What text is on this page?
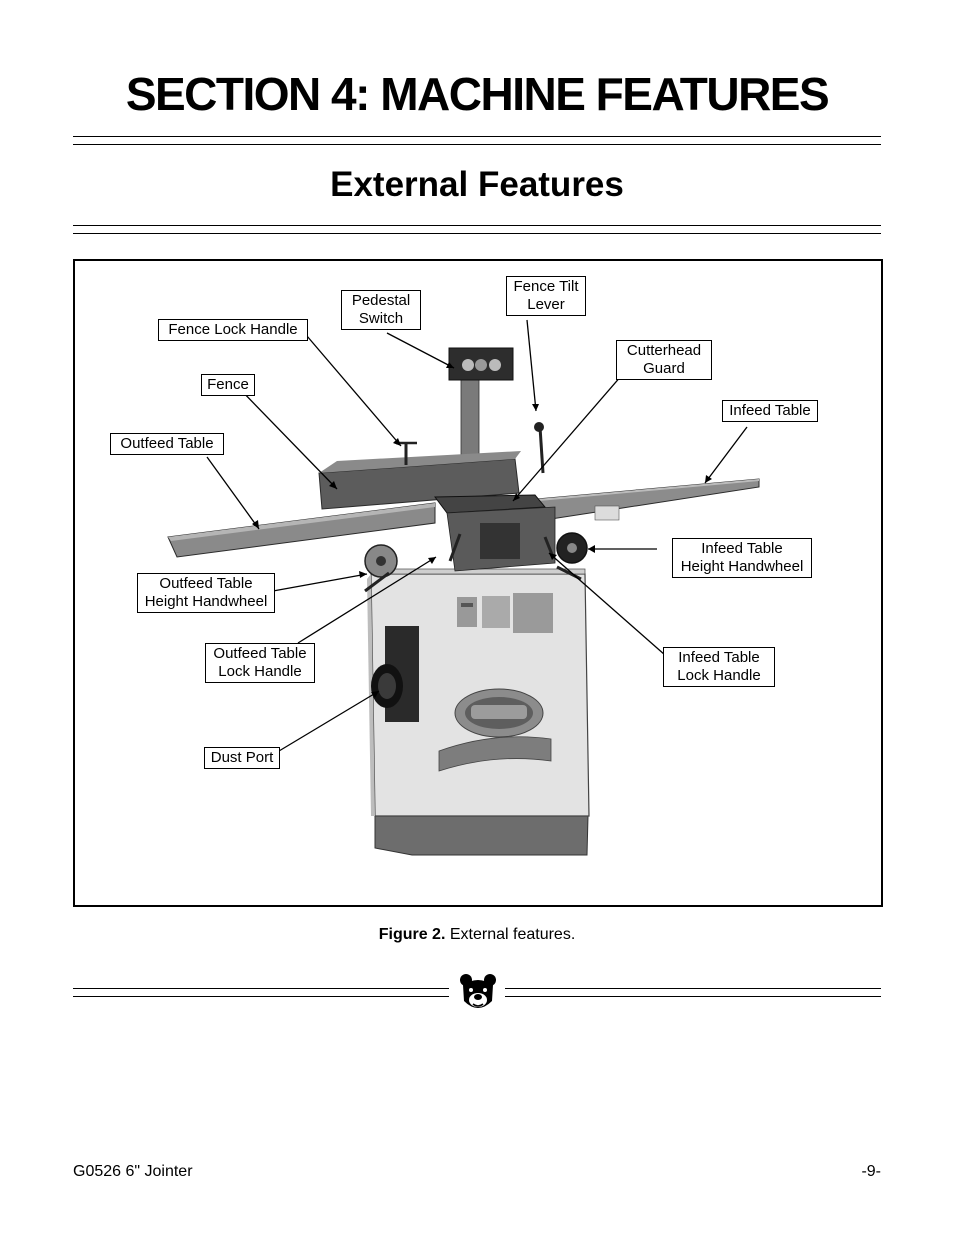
SECTION 4: MACHINE FEATURES
External Features
Pedestal
Switch
Fence Tilt
Lever
Fence Lock Handle
Cutterhead
Guard
Fence
Infeed Table
Outfeed Table
Infeed Table
Height Handwheel
Outfeed Table
Height Handwheel
Outfeed Table
Lock Handle
Infeed Table
Lock Handle
Dust Port
Figure 2. External features.
G0526 6" Jointer	-9-
